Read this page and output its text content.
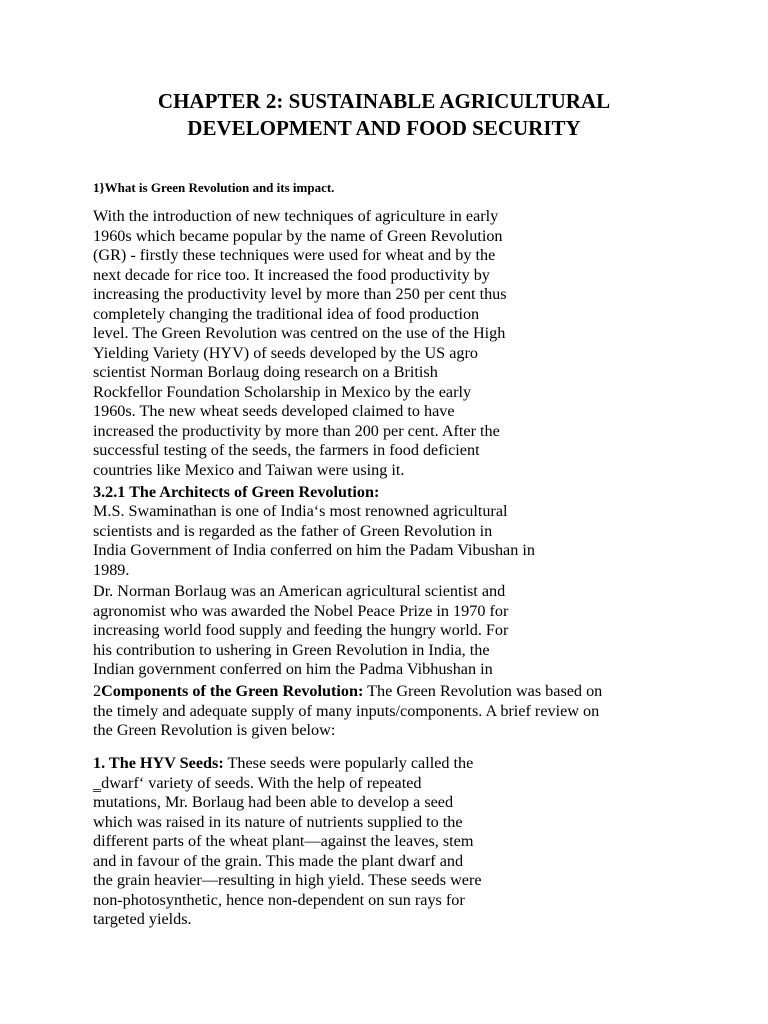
CHAPTER 2: SUSTAINABLE AGRICULTURAL
DEVELOPMENT AND FOOD SECURITY
1}What is Green Revolution and its impact.
With the introduction of new techniques of agriculture in early
1960s which became popular by the name of Green Revolution
(GR) - firstly these techniques were used for wheat and by the
next decade for rice too. It increased the food productivity by
increasing the productivity level by more than 250 per cent thus
completely changing the traditional idea of food production
level. The Green Revolution was centred on the use of the High
Yielding Variety (HYV) of seeds developed by the US agro
scientist Norman Borlaug doing research on a British
Rockfellor Foundation Scholarship in Mexico by the early
1960s. The new wheat seeds developed claimed to have
increased the productivity by more than 200 per cent. After the
successful testing of the seeds, the farmers in food deficient
countries like Mexico and Taiwan were using it.
3.2.1 The Architects of Green Revolution:
M.S. Swaminathan is one of India‘s most renowned agricultural
scientists and is regarded as the father of Green Revolution in
India Government of India conferred on him the Padam Vibushan in
1989.
Dr. Norman Borlaug was an American agricultural scientist and
agronomist who was awarded the Nobel Peace Prize in 1970 for
increasing world food supply and feeding the hungry world. For
his contribution to ushering in Green Revolution in India, the
Indian government conferred on him the Padma Vibhushan in
2Components of the Green Revolution: The Green Revolution was based on
the timely and adequate supply of many inputs/components. A brief review on
the Green Revolution is given below:
1. The HYV Seeds: These seeds were popularly called the
‗dwarf‘ variety of seeds. With the help of repeated
mutations, Mr. Borlaug had been able to develop a seed
which was raised in its nature of nutrients supplied to the
different parts of the wheat plant—against the leaves, stem
and in favour of the grain. This made the plant dwarf and
the grain heavier—resulting in high yield. These seeds were
non-photosynthetic, hence non-dependent on sun rays for
targeted yields.
